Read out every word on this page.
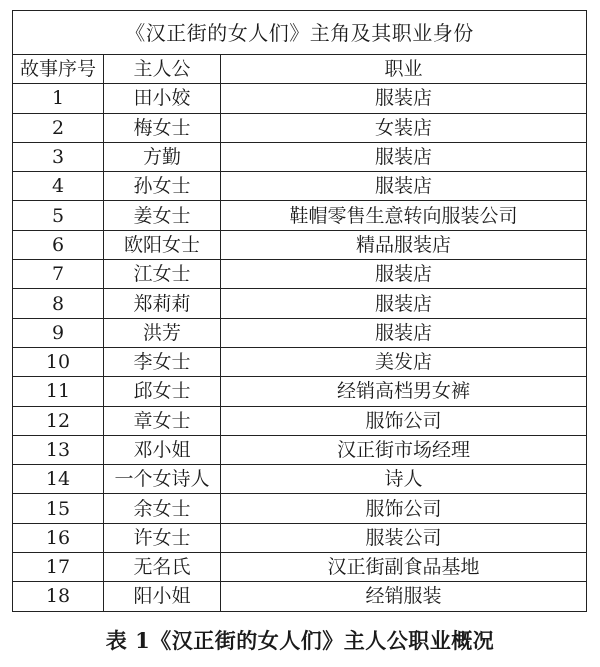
《汉正街的女人们》主角及其职业身份		
故事序号	主人公	职业
1	田小姣	服装店
2	梅女士	女装店
3	方勤	服装店
4	孙女士	服装店
5	姜女士	鞋帽零售生意转向服装公司
6	欧阳女士	精品服装店
7	江女士	服装店
8	郑莉莉	服装店
9	洪芳	服装店
10	李女士	美发店
11	邱女士	经销高档男女裤
12	章女士	服饰公司
13	邓小姐	汉正街市场经理
14	一个女诗人	诗人
15	余女士	服饰公司
16	许女士	服装公司
17	无名氏	汉正街副食品基地
18	阳小姐	经销服装
表 1《汉正街的女人们》主人公职业概况
